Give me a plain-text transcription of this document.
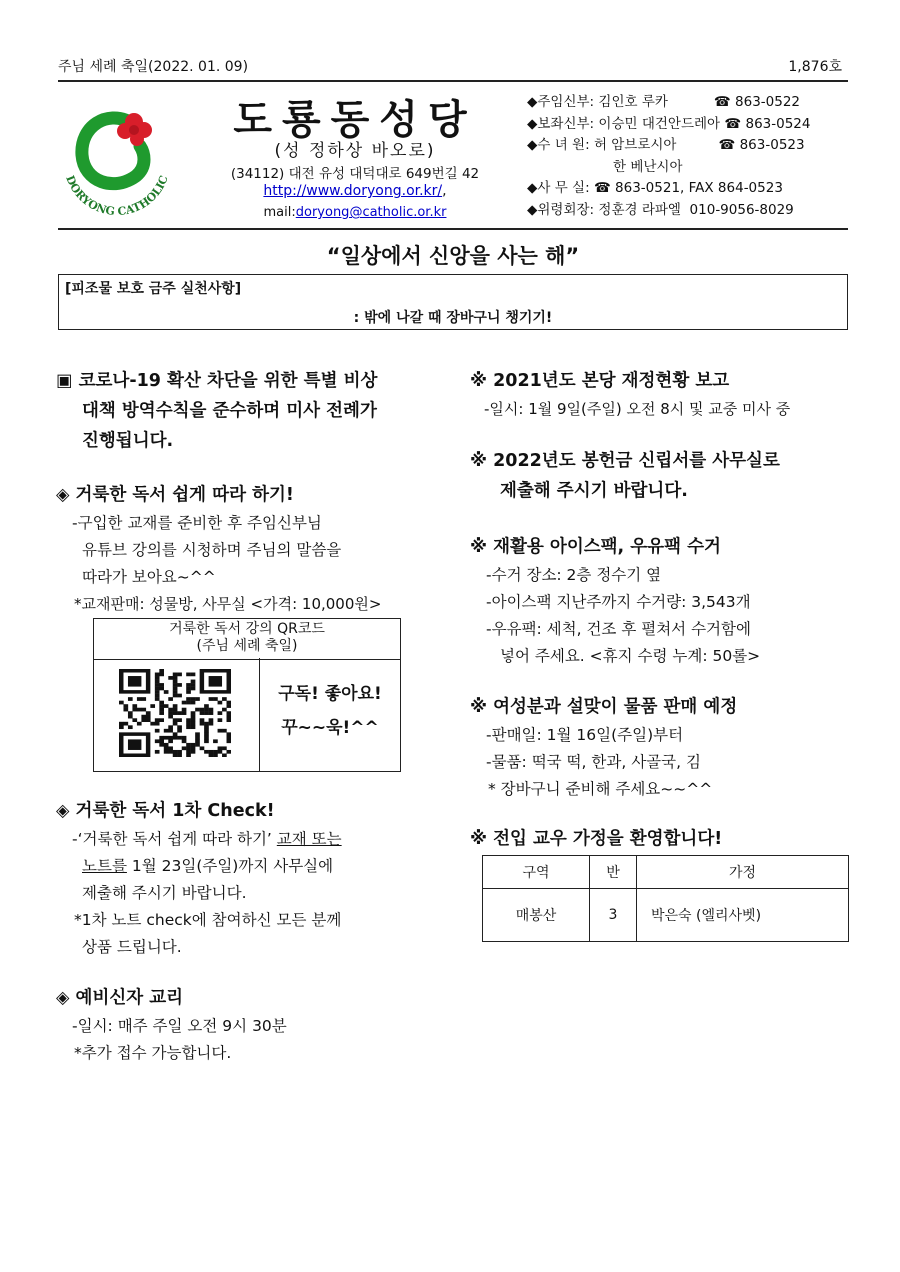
주님 세례 축일(2022. 01. 09)	1,876호
DORYONG CATHOLIC
도룡동성당
(성 정하상 바오로)
(34112) 대전 유성 대덕대로 649번길 42
http://www.doryong.or.kr/,
mail:doryong@catholic.or.kr
◆주임신부: 김인호 루카	☎ 863-0522
◆보좌신부: 이승민 대건안드레아 ☎ 863-0524
◆수 녀 원: 허 암브로시아	☎ 863-0523
한 베난시아
◆사 무 실: ☎ 863-0521, FAX 864-0523
◆위령회장: 정훈경 라파엘 010-9056-8029
“일상에서 신앙을 사는 해”
[피조물 보호 금주 실천사항]
: 밖에 나갈 때 장바구니 챙기기!
▣ 코로나-19 확산 차단을 위한 특별 비상
대책 방역수칙을 준수하며 미사 전례가
진행됩니다.
◈ 거룩한 독서 쉽게 따라 하기!
-구입한 교재를 준비한 후 주임신부님
유튜브 강의를 시청하며 주님의 말씀을
따라가 보아요~^^
*교재판매: 성물방, 사무실 <가격: 10,000원>
거룩한 독서 강의 QR코드
(주님 세례 축일)
구독! 좋아요!
꾸~~욱!^^
◈ 거룩한 독서 1차 Check!
-‘거룩한 독서 쉽게 따라 하기’ 교재 또는
노트를 1월 23일(주일)까지 사무실에
제출해 주시기 바랍니다.
*1차 노트 check에 참여하신 모든 분께
상품 드립니다.
◈ 예비신자 교리
-일시: 매주 주일 오전 9시 30분
*추가 접수 가능합니다.
※ 2021년도 본당 재정현황 보고
-일시: 1월 9일(주일) 오전 8시 및 교중 미사 중
※ 2022년도 봉헌금 신립서를 사무실로
제출해 주시기 바랍니다.
※ 재활용 아이스팩, 우유팩 수거
-수거 장소: 2층 정수기 옆
-아이스팩 지난주까지 수거량: 3,543개
-우유팩: 세척, 건조 후 펼쳐서 수거함에
넣어 주세요. <휴지 수령 누계: 50롤>
※ 여성분과 설맞이 물품 판매 예정
-판매일: 1월 16일(주일)부터
-물품: 떡국 떡, 한과, 사골국, 김
* 장바구니 준비해 주세요~~^^
※ 전입 교우 가정을 환영합니다!
구역	반	가정
매봉산	3	박은숙 (엘리사벳)
